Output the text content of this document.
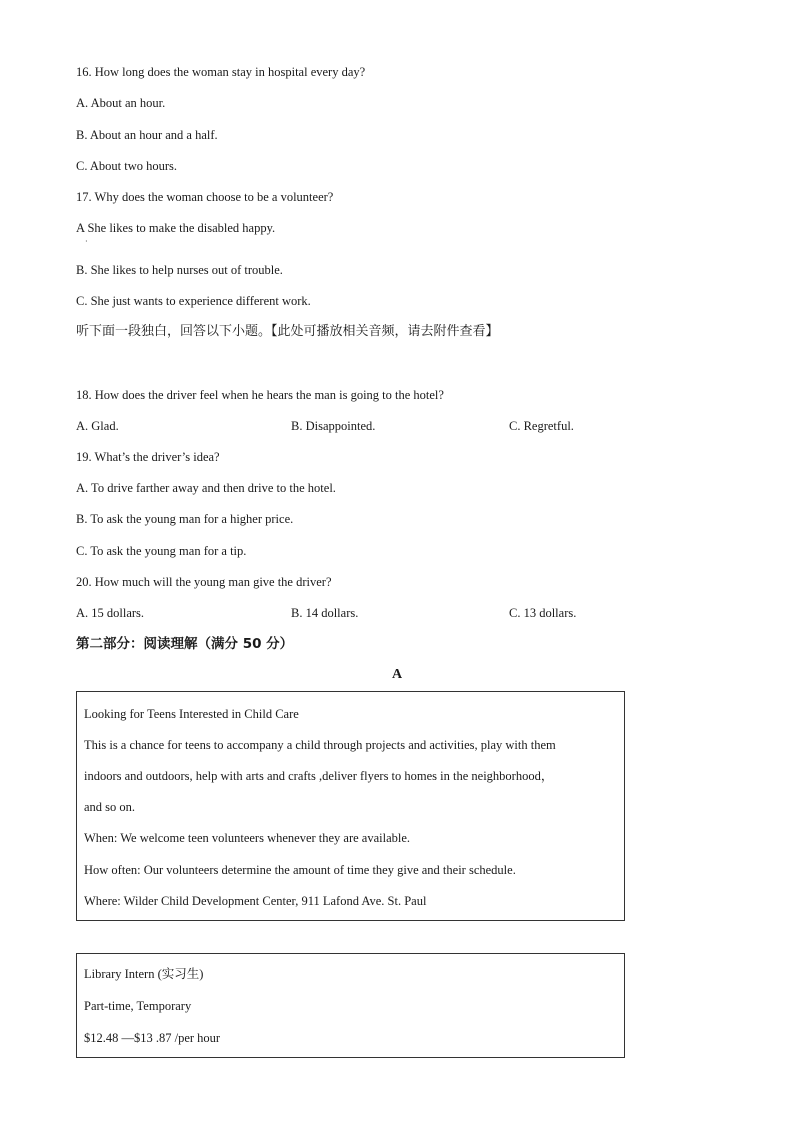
16. How long does the woman stay in hospital every day?
A. About an hour.
B. About an hour and a half.
C. About two hours.
17. Why does the woman choose to be a volunteer?
A She likes to make the disabled happy.
·
B. She likes to help nurses out of trouble.
C. She just wants to experience different work.
听下面一段独白，回答以下小题。【此处可播放相关音频，请去附件查看】
18. How does the driver feel when he hears the man is going to the hotel?
A. Glad.	B. Disappointed.	C. Regretful.
19. What’s the driver’s idea?
A. To drive farther away and then drive to the hotel.
B. To ask the young man for a higher price.
C. To ask the young man for a tip.
20. How much will the young man give the driver?
A. 15 dollars.	B. 14 dollars.	C. 13 dollars.
第二部分：阅读理解（满分 50 分）
A
Looking for Teens Interested in Child Care
This is a chance for teens to accompany a child through projects and activities, play with them
indoors and outdoors, help with arts and crafts ,deliver flyers to homes in the neighborhood，
and so on.
When: We welcome teen volunteers whenever they are available.
How often: Our volunteers determine the amount of time they give and their schedule.
Where: Wilder Child Development Center, 911 Lafond Ave. St. Paul
Library Intern (实习生)
Part-time, Temporary
$12.48 —$13 .87 /per hour
